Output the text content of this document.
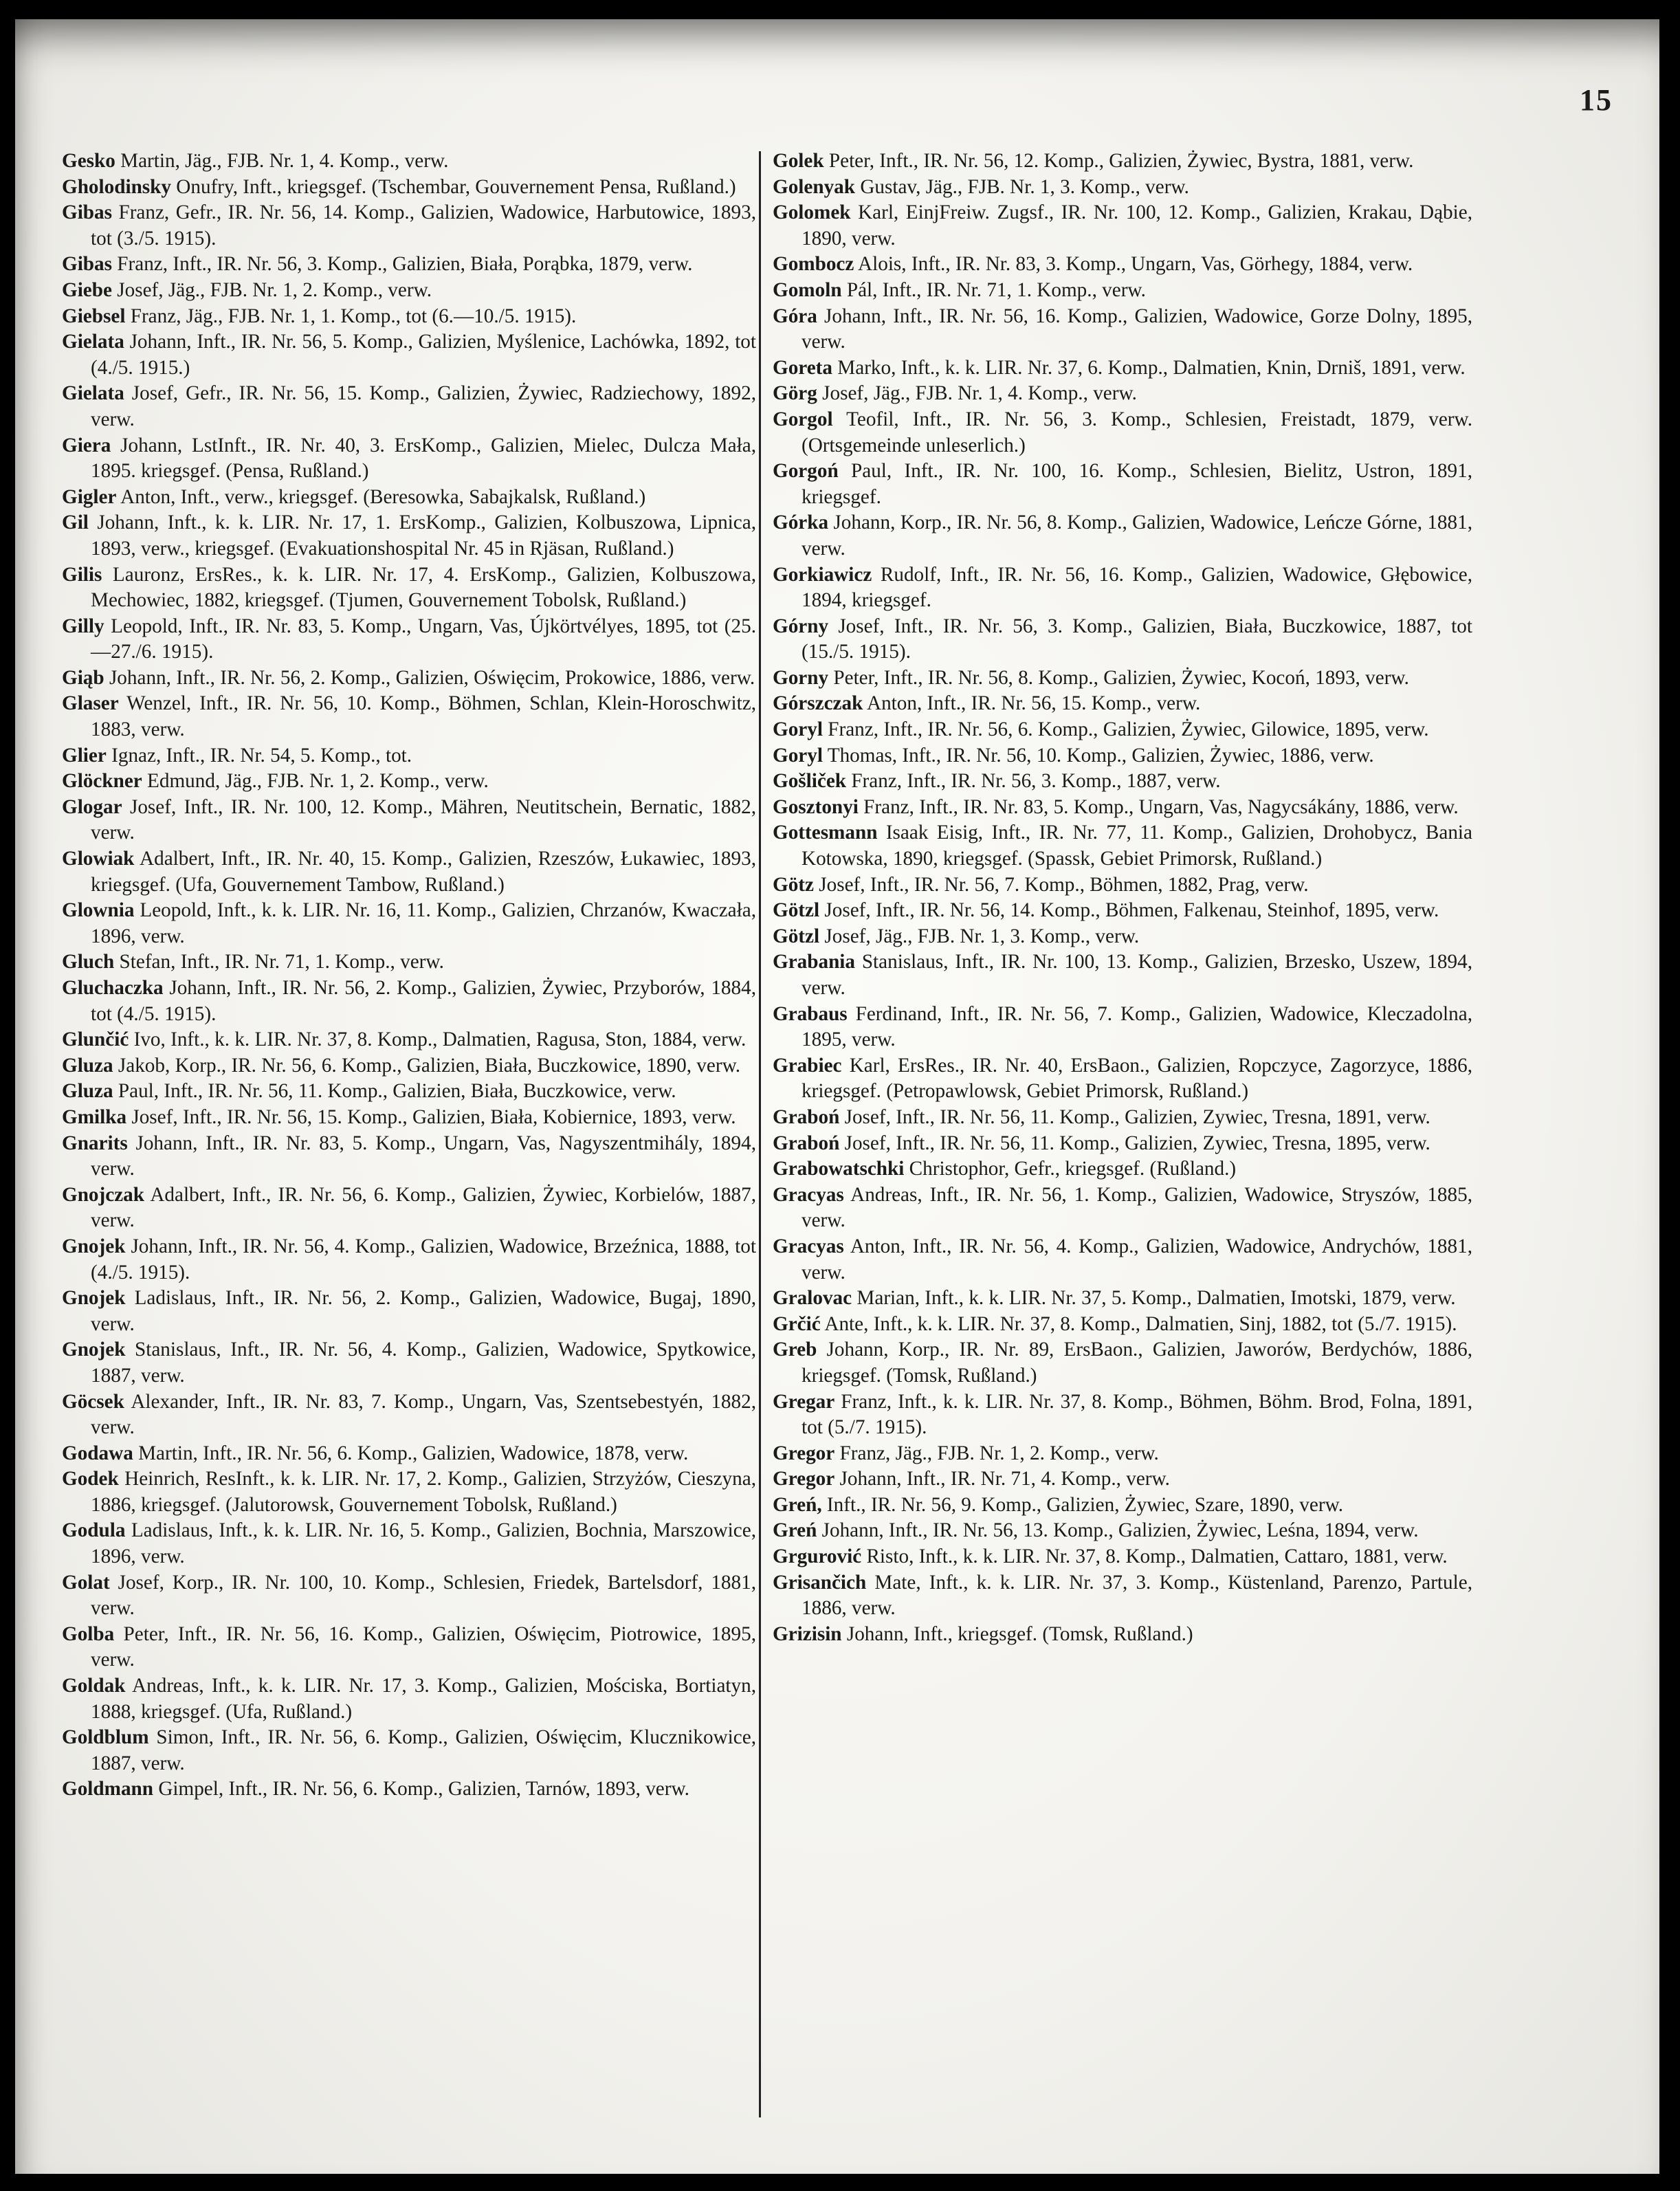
15

Gesko Martin, Jäg., FJB. Nr. 1, 4. Komp., verw.

Gholodinsky Onufry, Inft., kriegsgef. (Tschembar, Gouvernement Pensa, Rußland.)

Gibas Franz, Gefr., IR. Nr. 56, 14. Komp., Galizien, Wadowice, Harbutowice, 1893, tot (3./5. 1915).

Gibas Franz, Inft., IR. Nr. 56, 3. Komp., Galizien, Biała, Porąbka, 1879, verw.

Giebe Josef, Jäg., FJB. Nr. 1, 2. Komp., verw.

Giebsel Franz, Jäg., FJB. Nr. 1, 1. Komp., tot (6.—10./5. 1915).

Gielata Johann, Inft., IR. Nr. 56, 5. Komp., Galizien, Myślenice, Lachówka, 1892, tot (4./5. 1915.)

Gielata Josef, Gefr., IR. Nr. 56, 15. Komp., Galizien, Żywiec, Radziechowy, 1892, verw.

Giera Johann, LstInft., IR. Nr. 40, 3. ErsKomp., Galizien, Mielec, Dulcza Mała, 1895. kriegsgef. (Pensa, Rußland.)

Gigler Anton, Inft., verw., kriegsgef. (Beresowka, Sabajkalsk, Rußland.)

Gil Johann, Inft., k. k. LIR. Nr. 17, 1. ErsKomp., Galizien, Kolbuszowa, Lipnica, 1893, verw., kriegsgef. (Evakuationshospital Nr. 45 in Rjäsan, Rußland.)

Gilis Lauronz, ErsRes., k. k. LIR. Nr. 17, 4. ErsKomp., Galizien, Kolbuszowa, Mechowiec, 1882, kriegsgef. (Tjumen, Gouvernement Tobolsk, Rußland.)

Gilly Leopold, Inft., IR. Nr. 83, 5. Komp., Ungarn, Vas, Újkörtvélyes, 1895, tot (25.—27./6. 1915).

Giąb Johann, Inft., IR. Nr. 56, 2. Komp., Galizien, Oświęcim, Prokowice, 1886, verw.

Glaser Wenzel, Inft., IR. Nr. 56, 10. Komp., Böhmen, Schlan, Klein-Horoschwitz, 1883, verw.

Glier Ignaz, Inft., IR. Nr. 54, 5. Komp., tot.

Glöckner Edmund, Jäg., FJB. Nr. 1, 2. Komp., verw.

Glogar Josef, Inft., IR. Nr. 100, 12. Komp., Mähren, Neutitschein, Bernatic, 1882, verw.

Glowiak Adalbert, Inft., IR. Nr. 40, 15. Komp., Galizien, Rzeszów, Łukawiec, 1893, kriegsgef. (Ufa, Gouvernement Tambow, Rußland.)

Glownia Leopold, Inft., k. k. LIR. Nr. 16, 11. Komp., Galizien, Chrzanów, Kwaczała, 1896, verw.

Gluch Stefan, Inft., IR. Nr. 71, 1. Komp., verw.

Gluchaczka Johann, Inft., IR. Nr. 56, 2. Komp., Galizien, Żywiec, Przyborów, 1884, tot (4./5. 1915).

Glunčić Ivo, Inft., k. k. LIR. Nr. 37, 8. Komp., Dalmatien, Ragusa, Ston, 1884, verw.

Gluza Jakob, Korp., IR. Nr. 56, 6. Komp., Galizien, Biała, Buczkowice, 1890, verw.

Gluza Paul, Inft., IR. Nr. 56, 11. Komp., Galizien, Biała, Buczkowice, verw.

Gmilka Josef, Inft., IR. Nr. 56, 15. Komp., Galizien, Biała, Kobiernice, 1893, verw.

Gnarits Johann, Inft., IR. Nr. 83, 5. Komp., Ungarn, Vas, Nagyszentmihály, 1894, verw.

Gnojczak Adalbert, Inft., IR. Nr. 56, 6. Komp., Galizien, Żywiec, Korbielów, 1887, verw.

Gnojek Johann, Inft., IR. Nr. 56, 4. Komp., Galizien, Wadowice, Brzeźnica, 1888, tot (4./5. 1915).

Gnojek Ladislaus, Inft., IR. Nr. 56, 2. Komp., Galizien, Wadowice, Bugaj, 1890, verw.

Gnojek Stanislaus, Inft., IR. Nr. 56, 4. Komp., Galizien, Wadowice, Spytkowice, 1887, verw.

Göcsek Alexander, Inft., IR. Nr. 83, 7. Komp., Ungarn, Vas, Szentsebestyén, 1882, verw.

Godawa Martin, Inft., IR. Nr. 56, 6. Komp., Galizien, Wadowice, 1878, verw.

Godek Heinrich, ResInft., k. k. LIR. Nr. 17, 2. Komp., Galizien, Strzyżów, Cieszyna, 1886, kriegsgef. (Jalutorowsk, Gouvernement Tobolsk, Rußland.)

Godula Ladislaus, Inft., k. k. LIR. Nr. 16, 5. Komp., Galizien, Bochnia, Marszowice, 1896, verw.

Golat Josef, Korp., IR. Nr. 100, 10. Komp., Schlesien, Friedek, Bartelsdorf, 1881, verw.

Golba Peter, Inft., IR. Nr. 56, 16. Komp., Galizien, Oświęcim, Piotrowice, 1895, verw.

Goldak Andreas, Inft., k. k. LIR. Nr. 17, 3. Komp., Galizien, Mościska, Bortiatyn, 1888, kriegsgef. (Ufa, Rußland.)

Goldblum Simon, Inft., IR. Nr. 56, 6. Komp., Galizien, Oświęcim, Klucznikowice, 1887, verw.

Goldmann Gimpel, Inft., IR. Nr. 56, 6. Komp., Galizien, Tarnów, 1893, verw.

Golek Peter, Inft., IR. Nr. 56, 12. Komp., Galizien, Żywiec, Bystra, 1881, verw.

Golenyak Gustav, Jäg., FJB. Nr. 1, 3. Komp., verw.

Golomek Karl, EinjFreiw. Zugsf., IR. Nr. 100, 12. Komp., Galizien, Krakau, Dąbie, 1890, verw.

Gombocz Alois, Inft., IR. Nr. 83, 3. Komp., Ungarn, Vas, Görhegy, 1884, verw.

Gomoln Pál, Inft., IR. Nr. 71, 1. Komp., verw.

Góra Johann, Inft., IR. Nr. 56, 16. Komp., Galizien, Wadowice, Gorze Dolny, 1895, verw.

Goreta Marko, Inft., k. k. LIR. Nr. 37, 6. Komp., Dalmatien, Knin, Drniš, 1891, verw.

Görg Josef, Jäg., FJB. Nr. 1, 4. Komp., verw.

Gorgol Teofil, Inft., IR. Nr. 56, 3. Komp., Schlesien, Freistadt, 1879, verw. (Ortsgemeinde unleserlich.)

Gorgoń Paul, Inft., IR. Nr. 100, 16. Komp., Schlesien, Bielitz, Ustron, 1891, kriegsgef.

Górka Johann, Korp., IR. Nr. 56, 8. Komp., Galizien, Wadowice, Leńcze Górne, 1881, verw.

Gorkiawicz Rudolf, Inft., IR. Nr. 56, 16. Komp., Galizien, Wadowice, Głębowice, 1894, kriegsgef.

Górny Josef, Inft., IR. Nr. 56, 3. Komp., Galizien, Biała, Buczkowice, 1887, tot (15./5. 1915).

Gorny Peter, Inft., IR. Nr. 56, 8. Komp., Galizien, Żywiec, Kocoń, 1893, verw.

Górszczak Anton, Inft., IR. Nr. 56, 15. Komp., verw.

Goryl Franz, Inft., IR. Nr. 56, 6. Komp., Galizien, Żywiec, Gilowice, 1895, verw.

Goryl Thomas, Inft., IR. Nr. 56, 10. Komp., Galizien, Żywiec, 1886, verw.

Gošliček Franz, Inft., IR. Nr. 56, 3. Komp., 1887, verw.

Gosztonyi Franz, Inft., IR. Nr. 83, 5. Komp., Ungarn, Vas, Nagycsákány, 1886, verw.

Gottesmann Isaak Eisig, Inft., IR. Nr. 77, 11. Komp., Galizien, Drohobycz, Bania Kotowska, 1890, kriegsgef. (Spassk, Gebiet Primorsk, Rußland.)

Götz Josef, Inft., IR. Nr. 56, 7. Komp., Böhmen, 1882, Prag, verw.

Götzl Josef, Inft., IR. Nr. 56, 14. Komp., Böhmen, Falkenau, Steinhof, 1895, verw.

Götzl Josef, Jäg., FJB. Nr. 1, 3. Komp., verw.

Grabania Stanislaus, Inft., IR. Nr. 100, 13. Komp., Galizien, Brzesko, Uszew, 1894, verw.

Grabaus Ferdinand, Inft., IR. Nr. 56, 7. Komp., Galizien, Wadowice, Kleczadolna, 1895, verw.

Grabiec Karl, ErsRes., IR. Nr. 40, ErsBaon., Galizien, Ropczyce, Zagorzyce, 1886, kriegsgef. (Petropawlowsk, Gebiet Primorsk, Rußland.)

Graboń Josef, Inft., IR. Nr. 56, 11. Komp., Galizien, Zywiec, Tresna, 1891, verw.

Graboń Josef, Inft., IR. Nr. 56, 11. Komp., Galizien, Zywiec, Tresna, 1895, verw.

Grabowatschki Christophor, Gefr., kriegsgef. (Rußland.)

Gracyas Andreas, Inft., IR. Nr. 56, 1. Komp., Galizien, Wadowice, Stryszów, 1885, verw.

Gracyas Anton, Inft., IR. Nr. 56, 4. Komp., Galizien, Wadowice, Andrychów, 1881, verw.

Gralovac Marian, Inft., k. k. LIR. Nr. 37, 5. Komp., Dalmatien, Imotski, 1879, verw.

Grčić Ante, Inft., k. k. LIR. Nr. 37, 8. Komp., Dalmatien, Sinj, 1882, tot (5./7. 1915).

Greb Johann, Korp., IR. Nr. 89, ErsBaon., Galizien, Jaworów, Berdychów, 1886, kriegsgef. (Tomsk, Rußland.)

Gregar Franz, Inft., k. k. LIR. Nr. 37, 8. Komp., Böhmen, Böhm. Brod, Folna, 1891, tot (5./7. 1915).

Gregor Franz, Jäg., FJB. Nr. 1, 2. Komp., verw.

Gregor Johann, Inft., IR. Nr. 71, 4. Komp., verw.

Greń, Inft., IR. Nr. 56, 9. Komp., Galizien, Żywiec, Szare, 1890, verw.

Greń Johann, Inft., IR. Nr. 56, 13. Komp., Galizien, Żywiec, Leśna, 1894, verw.

Grgurović Risto, Inft., k. k. LIR. Nr. 37, 8. Komp., Dalmatien, Cattaro, 1881, verw.

Grisančich Mate, Inft., k. k. LIR. Nr. 37, 3. Komp., Küstenland, Parenzo, Partule, 1886, verw.

Grizisin Johann, Inft., kriegsgef. (Tomsk, Rußland.)
